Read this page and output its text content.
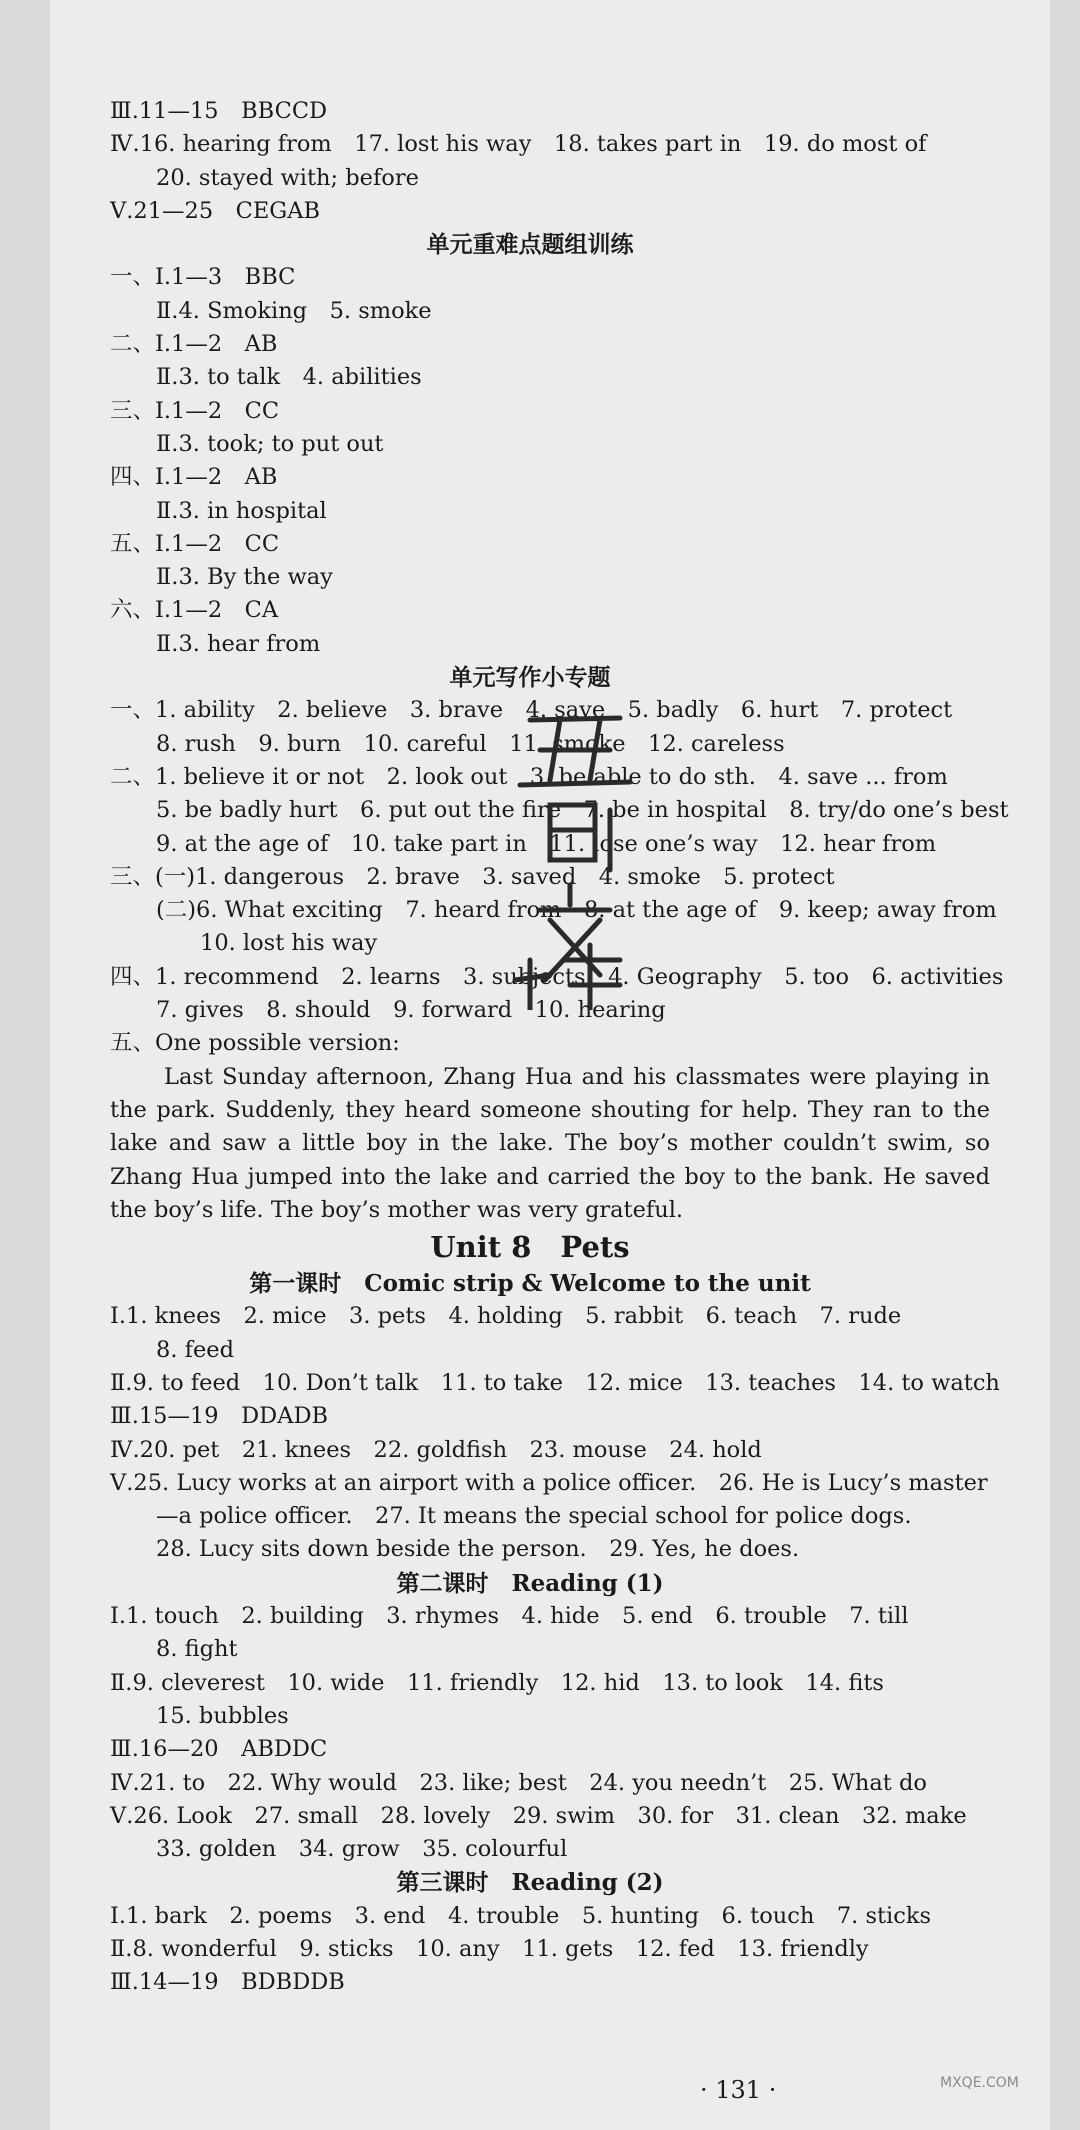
Ⅲ.11—15　BBCCD
Ⅳ.16. hearing from　17. lost his way　18. takes part in　19. do most of
20. stayed with; before
Ⅴ.21—25　CEGAB
单元重难点题组训练
一、Ⅰ.1—3　BBC
Ⅱ.4. Smoking　5. smoke
二、Ⅰ.1—2　AB
Ⅱ.3. to talk　4. abilities
三、Ⅰ.1—2　CC
Ⅱ.3. took; to put out
四、Ⅰ.1—2　AB
Ⅱ.3. in hospital
五、Ⅰ.1—2　CC
Ⅱ.3. By the way
六、Ⅰ.1—2　CA
Ⅱ.3. hear from
单元写作小专题
一、1. ability　2. believe　3. brave　4. save　5. badly　6. hurt　7. protect
8. rush　9. burn　10. careful　11. smoke　12. careless
二、1. believe it or not　2. look out　3. be able to do sth.　4. save ... from
5. be badly hurt　6. put out the fire　7. be in hospital　8. try/do one’s best
9. at the age of　10. take part in　11. lose one’s way　12. hear from
三、(一)1. dangerous　2. brave　3. saved　4. smoke　5. protect
(二)6. What exciting　7. heard from　8. at the age of　9. keep; away from
10. lost his way
四、1. recommend　2. learns　3. subjects　4. Geography　5. too　6. activities
7. gives　8. should　9. forward　10. hearing
五、One possible version:
Last Sunday afternoon, Zhang Hua and his classmates were playing in the park. Suddenly, they heard someone shouting for help. They ran to the lake and saw a little boy in the lake. The boy’s mother couldn’t swim, so Zhang Hua jumped into the lake and carried the boy to the bank. He saved the boy’s life. The boy’s mother was very grateful.
Unit 8　Pets
第一课时　Comic strip & Welcome to the unit
Ⅰ.1. knees　2. mice　3. pets　4. holding　5. rabbit　6. teach　7. rude
8. feed
Ⅱ.9. to feed　10. Don’t talk　11. to take　12. mice　13. teaches　14. to watch
Ⅲ.15—19　DDADB
Ⅳ.20. pet　21. knees　22. goldfish　23. mouse　24. hold
Ⅴ.25. Lucy works at an airport with a police officer.　26. He is Lucy’s master
—a police officer.　27. It means the special school for police dogs.
28. Lucy sits down beside the person.　29. Yes, he does.
第二课时　Reading (1)
Ⅰ.1. touch　2. building　3. rhymes　4. hide　5. end　6. trouble　7. till
8. fight
Ⅱ.9. cleverest　10. wide　11. friendly　12. hid　13. to look　14. fits
15. bubbles
Ⅲ.16—20　ABDDC
Ⅳ.21. to　22. Why would　23. like; best　24. you needn’t　25. What do
Ⅴ.26. Look　27. small　28. lovely　29. swim　30. for　31. clean　32. make
33. golden　34. grow　35. colourful
第三课时　Reading (2)
Ⅰ.1. bark　2. poems　3. end　4. trouble　5. hunting　6. touch　7. sticks
Ⅱ.8. wonderful　9. sticks　10. any　11. gets　12. fed　13. friendly
Ⅲ.14—19　BDBDDB
· 131 ·	MXQE.COM
